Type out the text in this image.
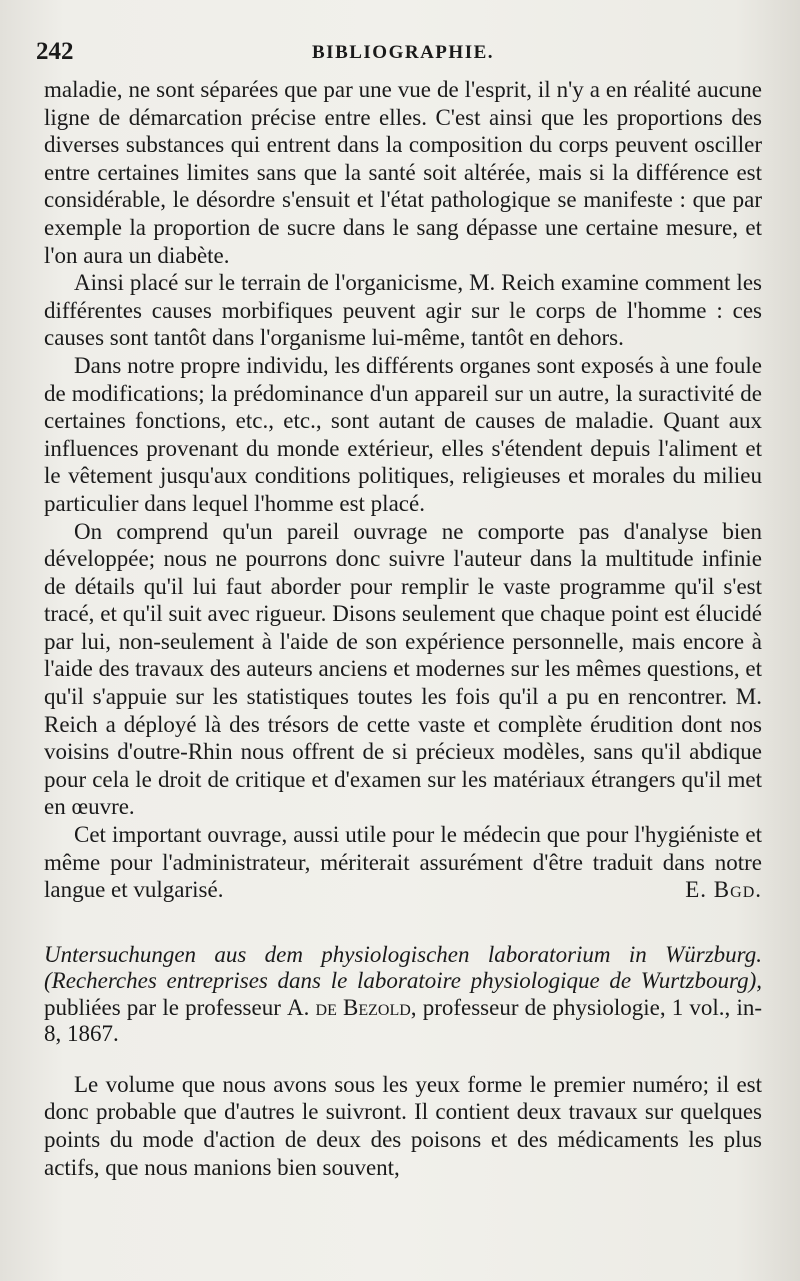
242	BIBLIOGRAPHIE.

maladie, ne sont séparées que par une vue de l'esprit, il n'y a en réalité aucune ligne de démarcation précise entre elles. C'est ainsi que les proportions des diverses substances qui entrent dans la composition du corps peuvent osciller entre certaines limites sans que la santé soit altérée, mais si la différence est considérable, le désordre s'ensuit et l'état pathologique se manifeste : que par exemple la proportion de sucre dans le sang dépasse une certaine mesure, et l'on aura un diabète.

Ainsi placé sur le terrain de l'organicisme, M. Reich examine comment les différentes causes morbifiques peuvent agir sur le corps de l'homme : ces causes sont tantôt dans l'organisme lui-même, tantôt en dehors.

Dans notre propre individu, les différents organes sont exposés à une foule de modifications; la prédominance d'un appareil sur un autre, la suractivité de certaines fonctions, etc., etc., sont autant de causes de maladie. Quant aux influences provenant du monde extérieur, elles s'étendent depuis l'aliment et le vêtement jusqu'aux conditions politiques, religieuses et morales du milieu particulier dans lequel l'homme est placé.

On comprend qu'un pareil ouvrage ne comporte pas d'analyse bien développée; nous ne pourrons donc suivre l'auteur dans la multitude infinie de détails qu'il lui faut aborder pour remplir le vaste programme qu'il s'est tracé, et qu'il suit avec rigueur. Disons seulement que chaque point est élucidé par lui, non-seulement à l'aide de son expérience personnelle, mais encore à l'aide des travaux des auteurs anciens et modernes sur les mêmes questions, et qu'il s'appuie sur les statistiques toutes les fois qu'il a pu en rencontrer. M. Reich a déployé là des trésors de cette vaste et complète érudition dont nos voisins d'outre-Rhin nous offrent de si précieux modèles, sans qu'il abdique pour cela le droit de critique et d'examen sur les matériaux étrangers qu'il met en œuvre.

Cet important ouvrage, aussi utile pour le médecin que pour l'hygiéniste et même pour l'administrateur, mériterait assurément d'être traduit dans notre langue et vulgarisé.	E. Bgd.

Untersuchungen aus dem physiologischen laboratorium in Würzburg. (Recherches entreprises dans le laboratoire physiologique de Wurtzbourg), publiées par le professeur A. de Bezold, professeur de physiologie, 1 vol., in-8, 1867.

Le volume que nous avons sous les yeux forme le premier numéro; il est donc probable que d'autres le suivront. Il contient deux travaux sur quelques points du mode d'action de deux des poisons et des médicaments les plus actifs, que nous manions bien souvent,
